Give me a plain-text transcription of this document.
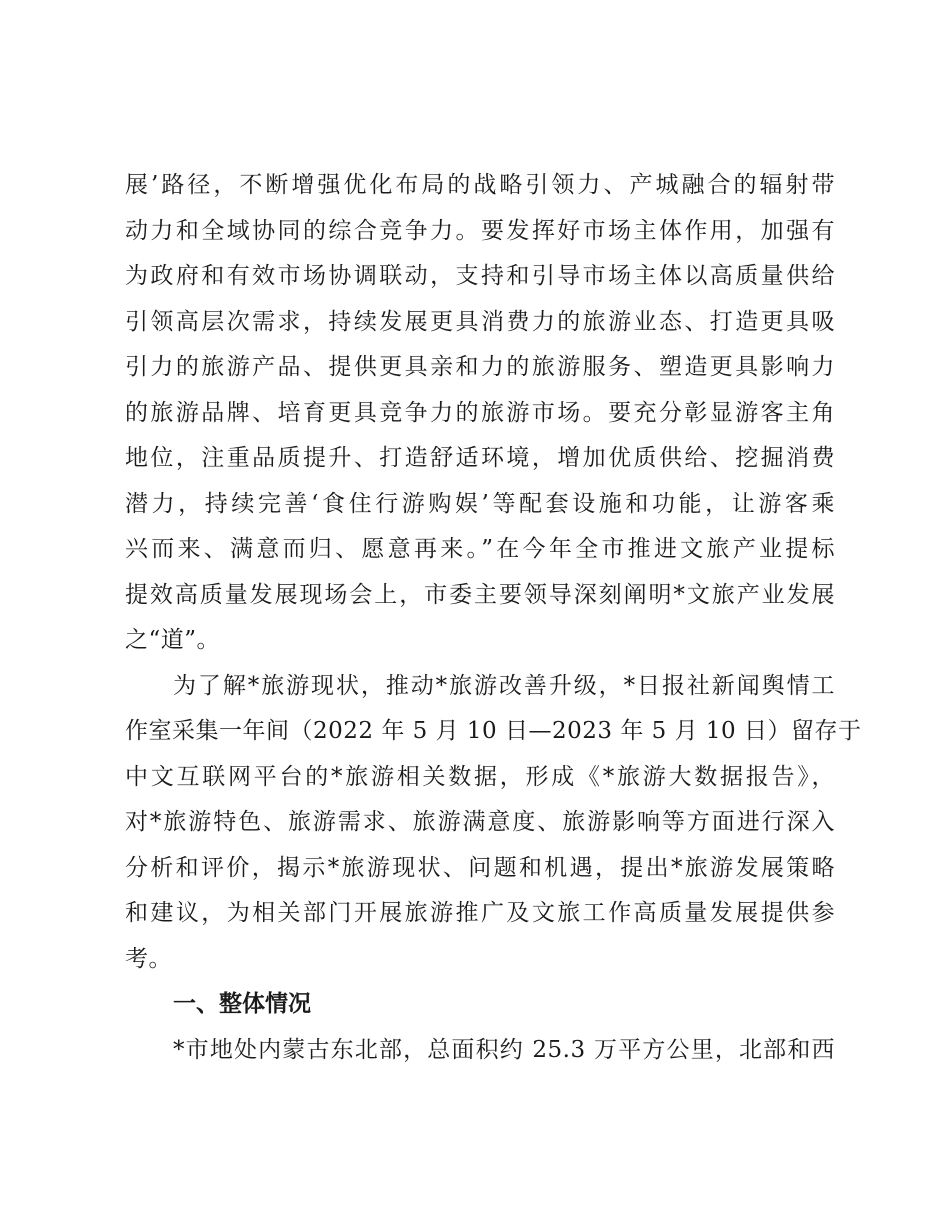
展’路径，不断增强优化布局的战略引领力、产城融合的辐射带
动力和全域协同的综合竞争力。要发挥好市场主体作用，加强有
为政府和有效市场协调联动，支持和引导市场主体以高质量供给
引领高层次需求，持续发展更具消费力的旅游业态、打造更具吸
引力的旅游产品、提供更具亲和力的旅游服务、塑造更具影响力
的旅游品牌、培育更具竞争力的旅游市场。要充分彰显游客主角
地位，注重品质提升、打造舒适环境，增加优质供给、挖掘消费
潜力，持续完善‘食住行游购娱’等配套设施和功能，让游客乘
兴而来、满意而归、愿意再来。”在今年全市推进文旅产业提标
提效高质量发展现场会上，市委主要领导深刻阐明*文旅产业发展
之“道”。
为了解*旅游现状，推动*旅游改善升级，*日报社新闻舆情工
作室采集一年间（2022 年 5 月 10 日—2023 年 5 月 10 日）留存于
中文互联网平台的*旅游相关数据，形成《*旅游大数据报告》，
对*旅游特色、旅游需求、旅游满意度、旅游影响等方面进行深入
分析和评价，揭示*旅游现状、问题和机遇，提出*旅游发展策略
和建议，为相关部门开展旅游推广及文旅工作高质量发展提供参
考。
一、整体情况
*市地处内蒙古东北部，总面积约 25.3 万平方公里，北部和西
